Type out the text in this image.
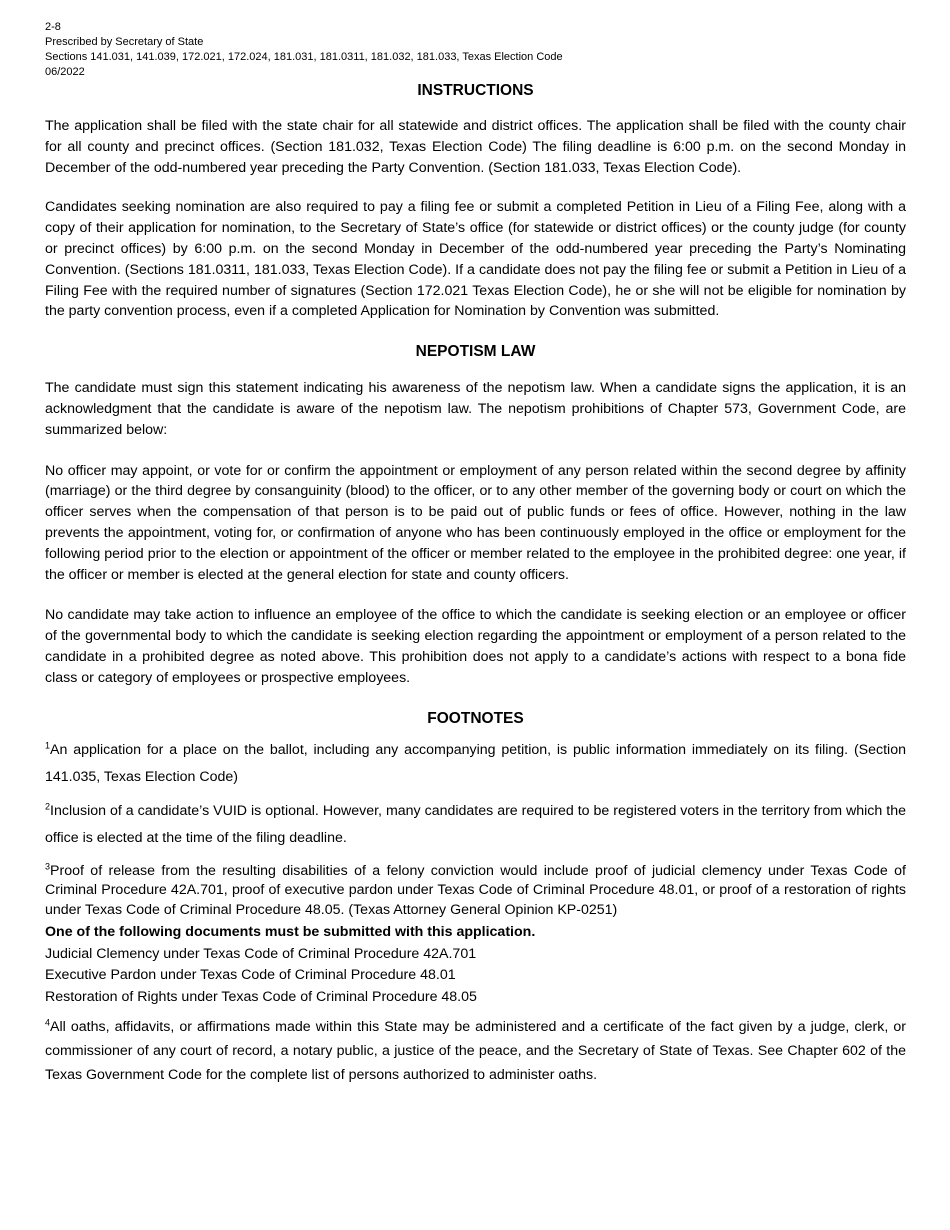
2-8
Prescribed by Secretary of State
Sections 141.031, 141.039, 172.021, 172.024, 181.031, 181.0311, 181.032, 181.033, Texas Election Code
06/2022
INSTRUCTIONS

The application shall be filed with the state chair for all statewide and district offices. The application shall be filed with the county chair for all county and precinct offices. (Section 181.032, Texas Election Code) The filing deadline is 6:00 p.m. on the second Monday in December of the odd-numbered year preceding the Party Convention. (Section 181.033, Texas Election Code).

Candidates seeking nomination are also required to pay a filing fee or submit a completed Petition in Lieu of a Filing Fee, along with a copy of their application for nomination, to the Secretary of State’s office (for statewide or district offices) or the county judge (for county or precinct offices) by 6:00 p.m. on the second Monday in December of the odd-numbered year preceding the Party’s Nominating Convention. (Sections 181.0311, 181.033, Texas Election Code). If a candidate does not pay the filing fee or submit a Petition in Lieu of a Filing Fee with the required number of signatures (Section 172.021 Texas Election Code), he or she will not be eligible for nomination by the party convention process, even if a completed Application for Nomination by Convention was submitted.

NEPOTISM LAW

The candidate must sign this statement indicating his awareness of the nepotism law. When a candidate signs the application, it is an acknowledgment that the candidate is aware of the nepotism law. The nepotism prohibitions of Chapter 573, Government Code, are summarized below:

No officer may appoint, or vote for or confirm the appointment or employment of any person related within the second degree by affinity (marriage) or the third degree by consanguinity (blood) to the officer, or to any other member of the governing body or court on which the officer serves when the compensation of that person is to be paid out of public funds or fees of office. However, nothing in the law prevents the appointment, voting for, or confirmation of anyone who has been continuously employed in the office or employment for the following period prior to the election or appointment of the officer or member related to the employee in the prohibited degree: one year, if the officer or member is elected at the general election for state and county officers.

No candidate may take action to influence an employee of the office to which the candidate is seeking election or an employee or officer of the governmental body to which the candidate is seeking election regarding the appointment or employment of a person related to the candidate in a prohibited degree as noted above. This prohibition does not apply to a candidate’s actions with respect to a bona fide class or category of employees or prospective employees.

FOOTNOTES
$^1$An application for a place on the ballot, including any accompanying petition, is public information immediately on its filing. (Section 141.035, Texas Election Code)
$^2$Inclusion of a candidate’s VUID is optional. However, many candidates are required to be registered voters in the territory from which the office is elected at the time of the filing deadline.
$^3$Proof of release from the resulting disabilities of a felony conviction would include proof of judicial clemency under Texas Code of Criminal Procedure 42A.701, proof of executive pardon under Texas Code of Criminal Procedure 48.01, or proof of a restoration of rights under Texas Code of Criminal Procedure 48.05. (Texas Attorney General Opinion KP-0251)
One of the following documents must be submitted with this application.
Judicial Clemency under Texas Code of Criminal Procedure 42A.701
Executive Pardon under Texas Code of Criminal Procedure 48.01
Restoration of Rights under Texas Code of Criminal Procedure 48.05
$^4$All oaths, affidavits, or affirmations made within this State may be administered and a certificate of the fact given by a judge, clerk, or commissioner of any court of record, a notary public, a justice of the peace, and the Secretary of State of Texas. See Chapter 602 of the Texas Government Code for the complete list of persons authorized to administer oaths.
